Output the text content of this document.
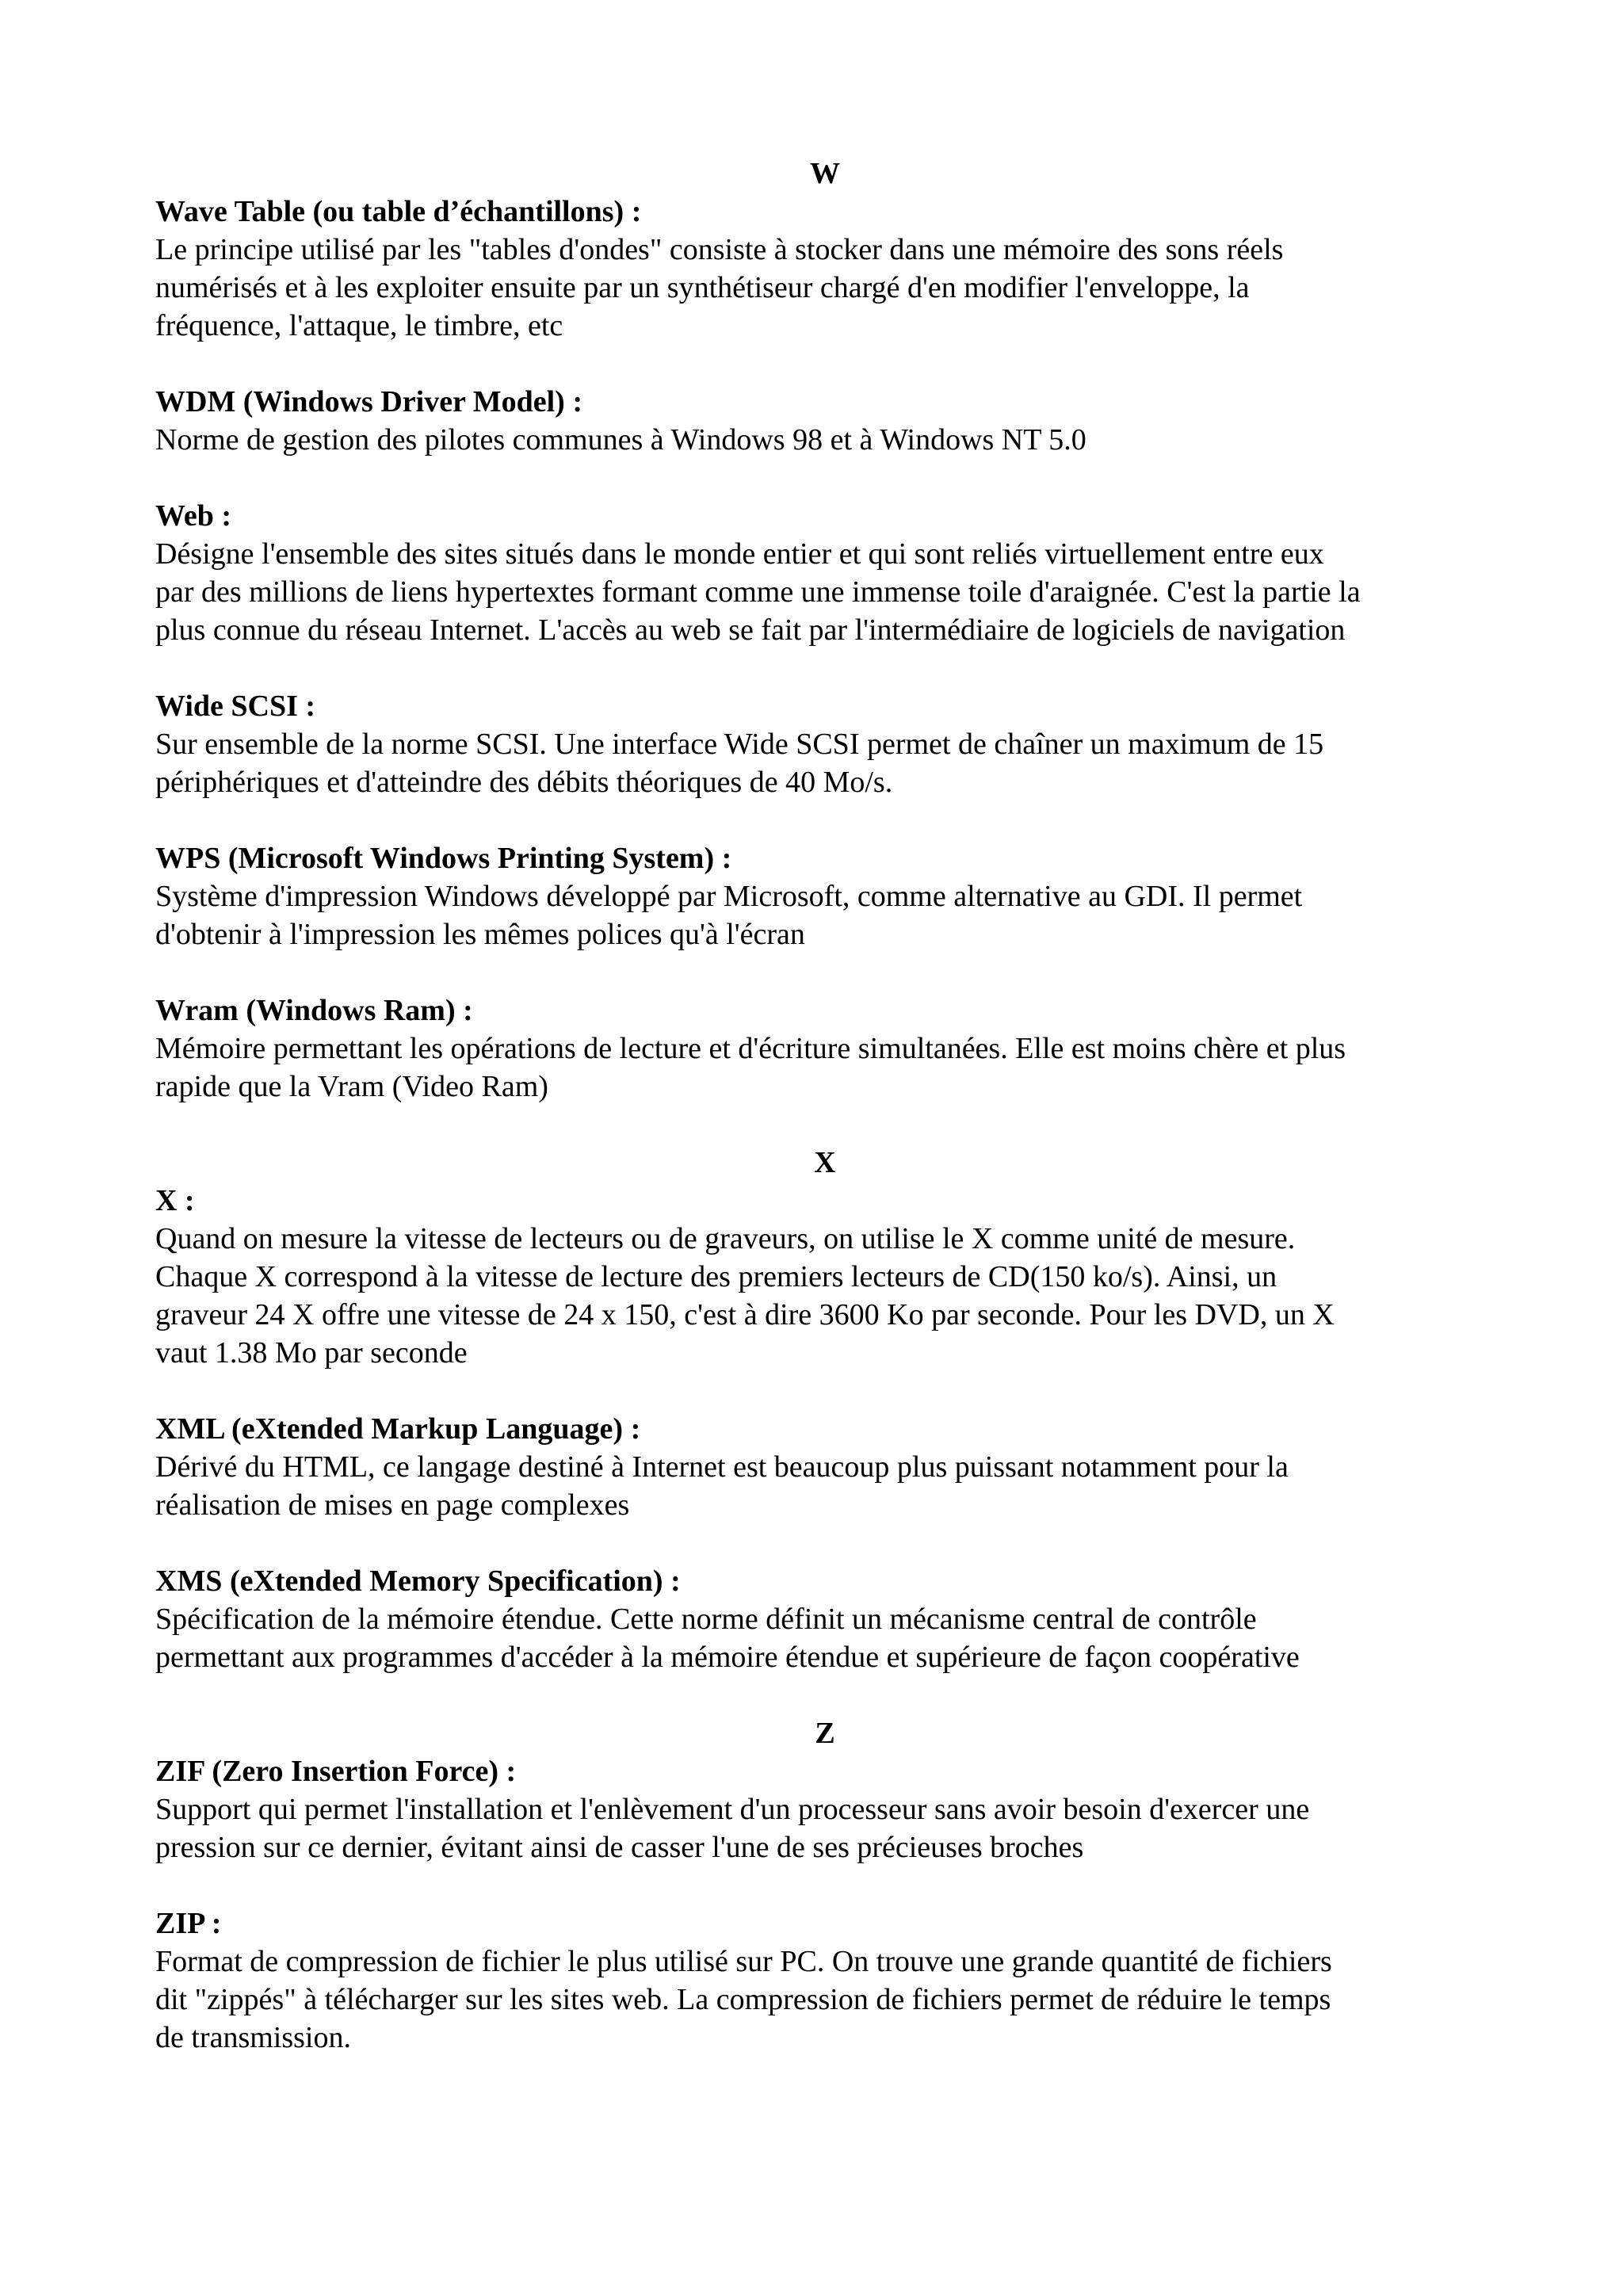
W

Wave Table (ou table d’échantillons) :

Le principe utilisé par les "tables d'ondes" consiste à stocker dans une mémoire des sons réels
numérisés et à les exploiter ensuite par un synthétiseur chargé d'en modifier l'enveloppe, la
fréquence, l'attaque, le timbre, etc

WDM (Windows Driver Model) :

Norme de gestion des pilotes communes à Windows 98 et à Windows NT 5.0

Web :

Désigne l'ensemble des sites situés dans le monde entier et qui sont reliés virtuellement entre eux
par des millions de liens hypertextes formant comme une immense toile d'araignée. C'est la partie la
plus connue du réseau Internet. L'accès au web se fait par l'intermédiaire de logiciels de navigation

Wide SCSI :

Sur ensemble de la norme SCSI. Une interface Wide SCSI permet de chaîner un maximum de 15
périphériques et d'atteindre des débits théoriques de 40 Mo/s.

WPS (Microsoft Windows Printing System) :

Système d'impression Windows développé par Microsoft, comme alternative au GDI. Il permet
d'obtenir à l'impression les mêmes polices qu'à l'écran

Wram (Windows Ram) :

Mémoire permettant les opérations de lecture et d'écriture simultanées. Elle est moins chère et plus
rapide que la Vram (Video Ram)

X

X :

Quand on mesure la vitesse de lecteurs ou de graveurs, on utilise le X comme unité de mesure.
Chaque X correspond à la vitesse de lecture des premiers lecteurs de CD(150 ko/s). Ainsi, un
graveur 24 X offre une vitesse de 24 x 150, c'est à dire 3600 Ko par seconde. Pour les DVD, un X
vaut 1.38 Mo par seconde

XML (eXtended Markup Language) :

Dérivé du HTML, ce langage destiné à Internet est beaucoup plus puissant notamment pour la
réalisation de mises en page complexes

XMS (eXtended Memory Specification) :

Spécification de la mémoire étendue. Cette norme définit un mécanisme central de contrôle
permettant aux programmes d'accéder à la mémoire étendue et supérieure de façon coopérative

Z

ZIF (Zero Insertion Force) :

Support qui permet l'installation et l'enlèvement d'un processeur sans avoir besoin d'exercer une
pression sur ce dernier, évitant ainsi de casser l'une de ses précieuses broches

ZIP :

Format de compression de fichier le plus utilisé sur PC. On trouve une grande quantité de fichiers
dit "zippés" à télécharger sur les sites web. La compression de fichiers permet de réduire le temps
de transmission.
